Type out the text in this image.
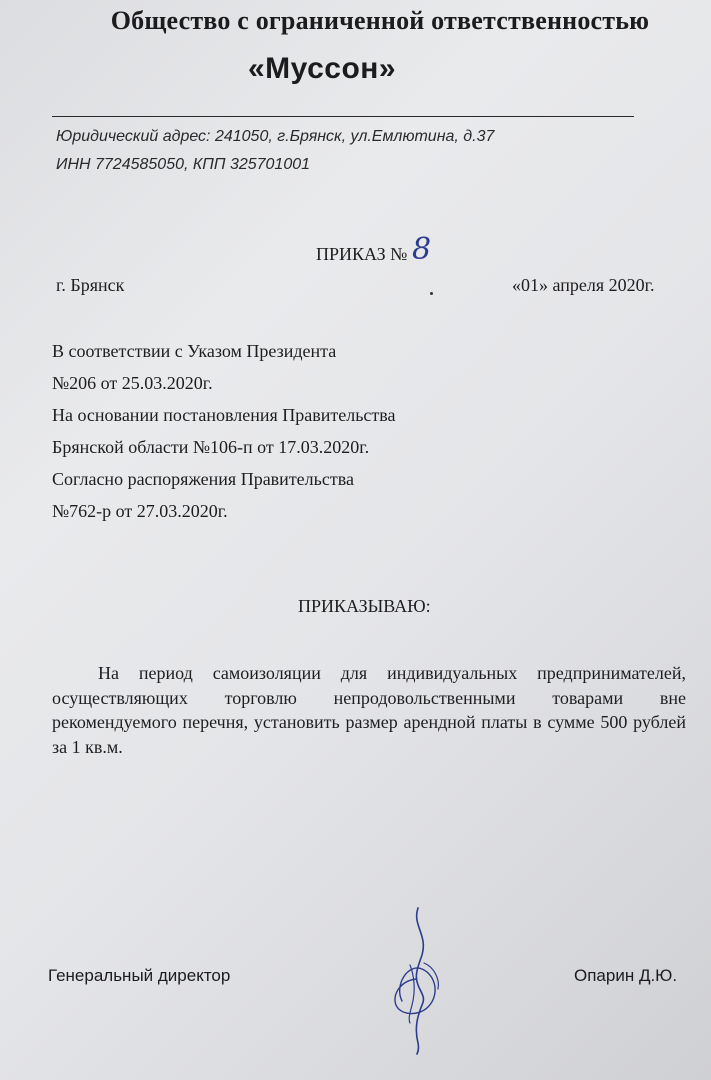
Общество с ограниченной ответственностью
«Муссон»
Юридический адрес: 241050, г.Брянск, ул.Емлютина, д.37
ИНН 7724585050, КПП 325701001
ПРИКАЗ № 8
г. Брянск	«01» апреля 2020г.
В соответствии с Указом Президента
№206 от 25.03.2020г.
На основании постановления Правительства
Брянской области №106-п от 17.03.2020г.
Согласно распоряжения Правительства
№762-р от 27.03.2020г.
ПРИКАЗЫВАЮ:
На период самоизоляции для индивидуальных предпринимателей, осуществляющих торговлю непродовольственными товарами вне рекомендуемого перечня, установить размер арендной платы в сумме 500 рублей за 1 кв.м.
Генеральный директор	Опарин Д.Ю.
